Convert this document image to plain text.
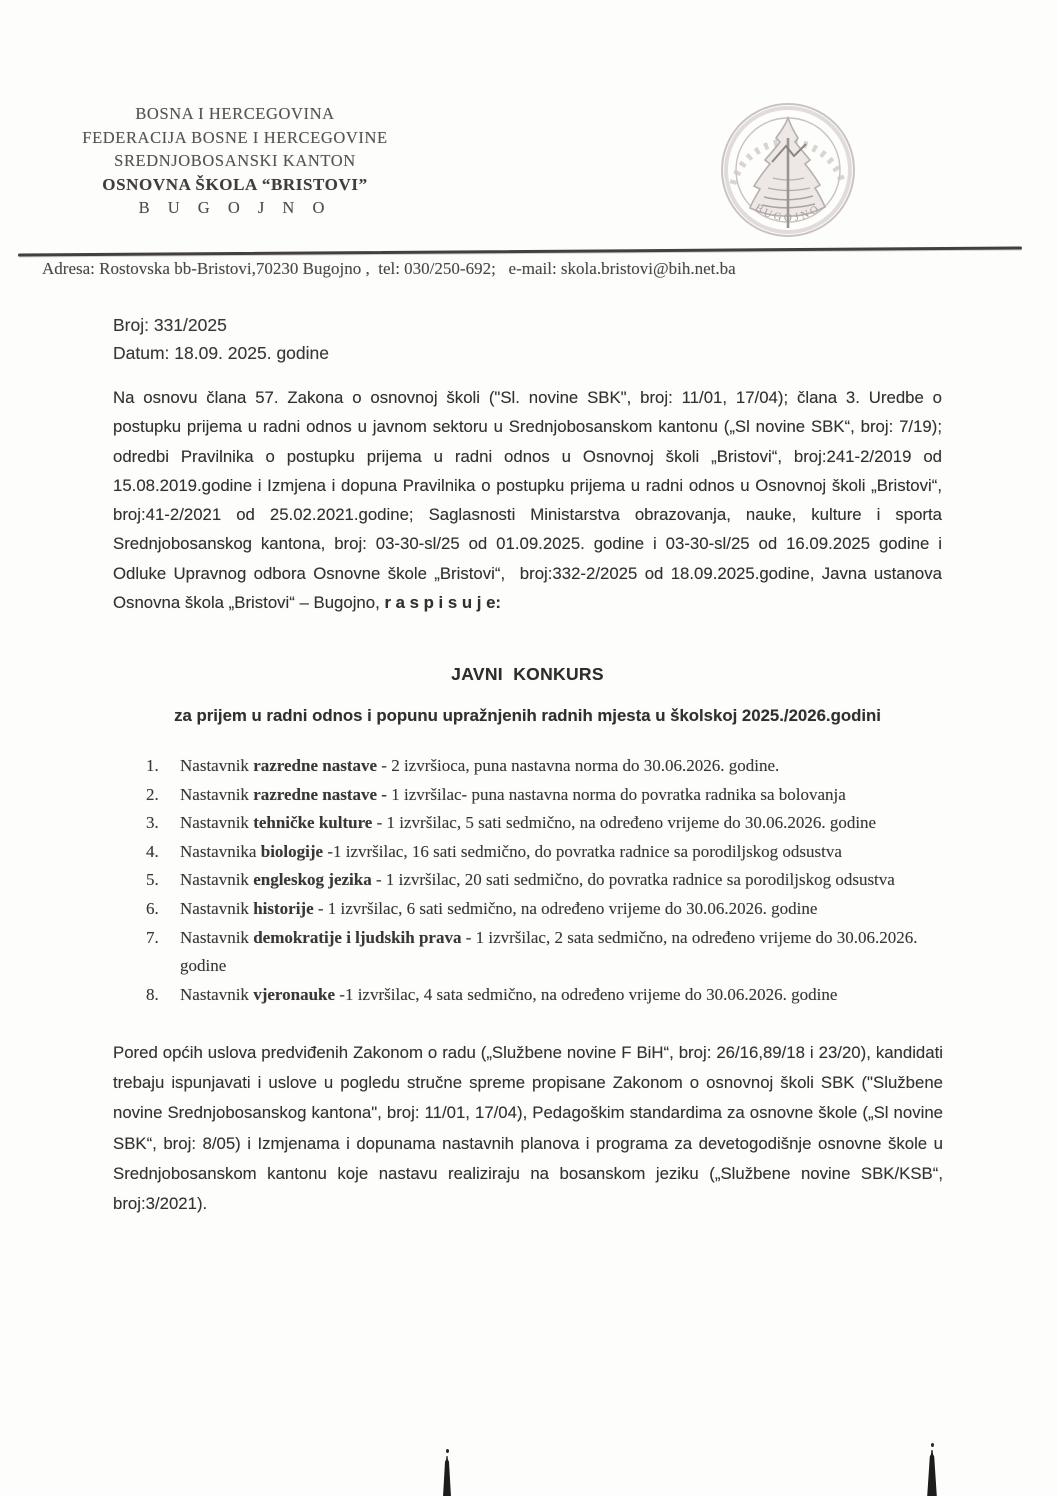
BOSNA I HERCEGOVINA
FEDERACIJA BOSNE I HERCEGOVINE
SREDNJOBOSANSKI KANTON
OSNOVNA ŠKOLA “BRISTOVI”
B U G O J N O	BUGOJNO
Adresa: Rostovska bb-Bristovi,70230 Bugojno ,  tel: 030/250-692;   e-mail: skola.bristovi@bih.net.ba
Broj: 331/2025
Datum: 18.09. 2025. godine
Na osnovu člana 57. Zakona o osnovnoj školi ("Sl. novine SBK", broj: 11/01, 17/04); člana 3. Uredbe o postupku prijema u radni odnos u javnom sektoru u Srednjobosanskom kantonu („Sl novine SBK“, broj: 7/19); odredbi Pravilnika o postupku prijema u radni odnos u Osnovnoj školi „Bristovi“, broj:241-2/2019 od 15.08.2019.godine i Izmjena i dopuna Pravilnika o postupku prijema u radni odnos u Osnovnoj školi „Bristovi“, broj:41-2/2021 od 25.02.2021.godine; Saglasnosti Ministarstva obrazovanja, nauke, kulture i sporta Srednjobosanskog kantona, broj: 03-30-sl/25 od 01.09.2025. godine i 03-30-sl/25 od 16.09.2025 godine i Odluke Upravnog odbora Osnovne škole „Bristovi“,  broj:332-2/2025 od 18.09.2025.godine, Javna ustanova  Osnovna škola „Bristovi“ – Bugojno, r a s p i s u j e:
JAVNI  KONKURS
za prijem u radni odnos i popunu upražnjenih radnih mjesta u školskoj 2025./2026.godini
1.	Nastavnik razredne nastave - 2 izvršioca, puna nastavna norma do 30.06.2026. godine.
2.	Nastavnik razredne nastave - 1 izvršilac- puna nastavna norma do povratka radnika sa bolovanja
3.	Nastavnik tehničke kulture - 1 izvršilac, 5 sati sedmično, na određeno vrijeme do 30.06.2026. godine
4.	Nastavnika biologije -1 izvršilac, 16 sati sedmično, do povratka radnice sa porodiljskog odsustva
5.	Nastavnik engleskog jezika - 1 izvršilac, 20 sati sedmično, do povratka radnice sa porodiljskog odsustva
6.	Nastavnik historije - 1 izvršilac, 6 sati sedmično, na određeno vrijeme do 30.06.2026. godine
7.	Nastavnik demokratije i ljudskih prava - 1 izvršilac, 2 sata sedmično, na određeno vrijeme do 30.06.2026. godine
8.	Nastavnik vjeronauke -1 izvršilac, 4 sata sedmično, na određeno vrijeme do 30.06.2026. godine
Pored općih uslova predviđenih Zakonom o radu („Službene novine F BiH“, broj: 26/16,89/18 i 23/20), kandidati trebaju ispunjavati i uslove u pogledu stručne spreme propisane Zakonom o osnovnoj školi SBK ("Službene novine Srednjobosanskog kantona", broj: 11/01, 17/04), Pedagoškim standardima za osnovne škole („Sl novine SBK“, broj: 8/05) i Izmjenama i dopunama nastavnih planova i programa za devetogodišnje osnovne škole u Srednjobosanskom kantonu koje nastavu realiziraju na bosanskom jeziku („Službene novine SBK/KSB“, broj:3/2021).
